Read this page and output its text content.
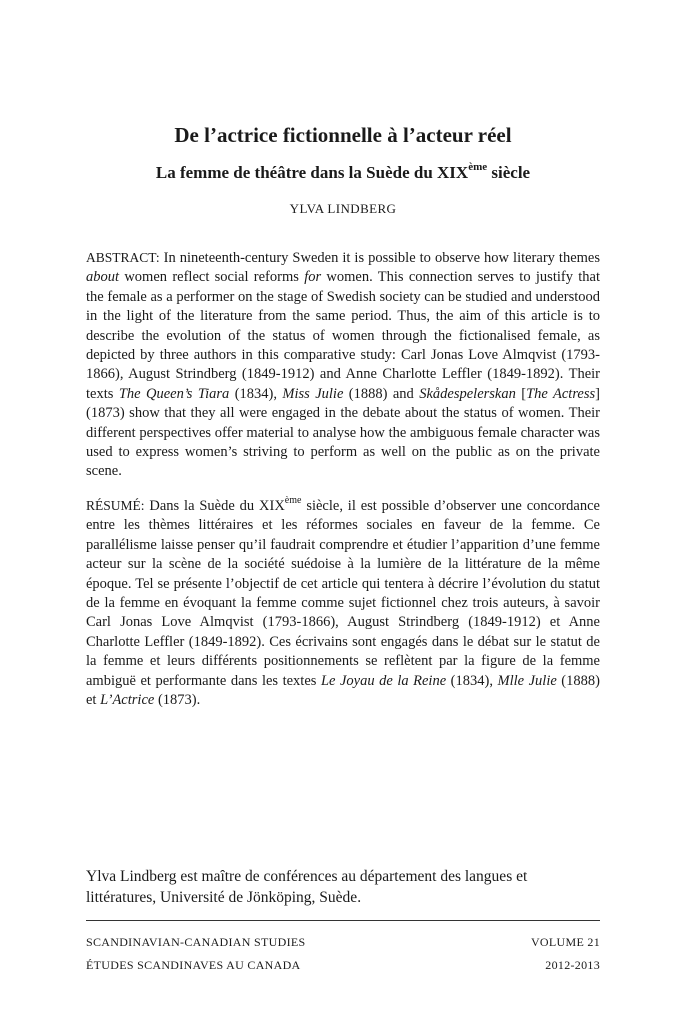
De l’actrice fictionnelle à l’acteur réel
La femme de théâtre dans la Suède du XIXème siècle

YLVA LINDBERG

ABSTRACT: In nineteenth-century Sweden it is possible to observe how literary themes about women reflect social reforms for women. This connection serves to justify that the female as a performer on the stage of Swedish society can be studied and understood in the light of the literature from the same period. Thus, the aim of this article is to describe the evolution of the status of women through the fictionalised female, as depicted by three authors in this comparative study: Carl Jonas Love Almqvist (1793-1866), August Strindberg (1849-1912) and Anne Charlotte Leffler (1849-1892). Their texts The Queen’s Tiara (1834), Miss Julie (1888) and Skådespelerskan [The Actress] (1873) show that they all were engaged in the debate about the status of women. Their different perspectives offer material to analyse how the ambiguous female character was used to express women’s striving to perform as well on the public as on the private scene.

RÉSUMÉ: Dans la Suède du XIXème siècle, il est possible d’observer une concordance entre les thèmes littéraires et les réformes sociales en faveur de la femme. Ce parallélisme laisse penser qu’il faudrait comprendre et étudier l’apparition d’une femme acteur sur la scène de la société suédoise à la lumière de la littérature de la même époque. Tel se présente l’objectif de cet article qui tentera à décrire l’évolution du statut de la femme en évoquant la femme comme sujet fictionnel chez trois auteurs, à savoir Carl Jonas Love Almqvist (1793-1866), August Strindberg (1849-1912) et Anne Charlotte Leffler (1849-1892). Ces écrivains sont engagés dans le débat sur le statut de la femme et leurs différents positionnements se reflètent par la figure de la femme ambiguë et performante dans les textes Le Joyau de la Reine (1834), Mlle Julie (1888) et L’Actrice (1873).

Ylva Lindberg est maître de conférences au département des langues et littératures, Université de Jönköping, Suède.

SCANDINAVIAN-CANADIAN STUDIES	VOLUME 21
ÉTUDES SCANDINAVES AU CANADA	2012-2013
